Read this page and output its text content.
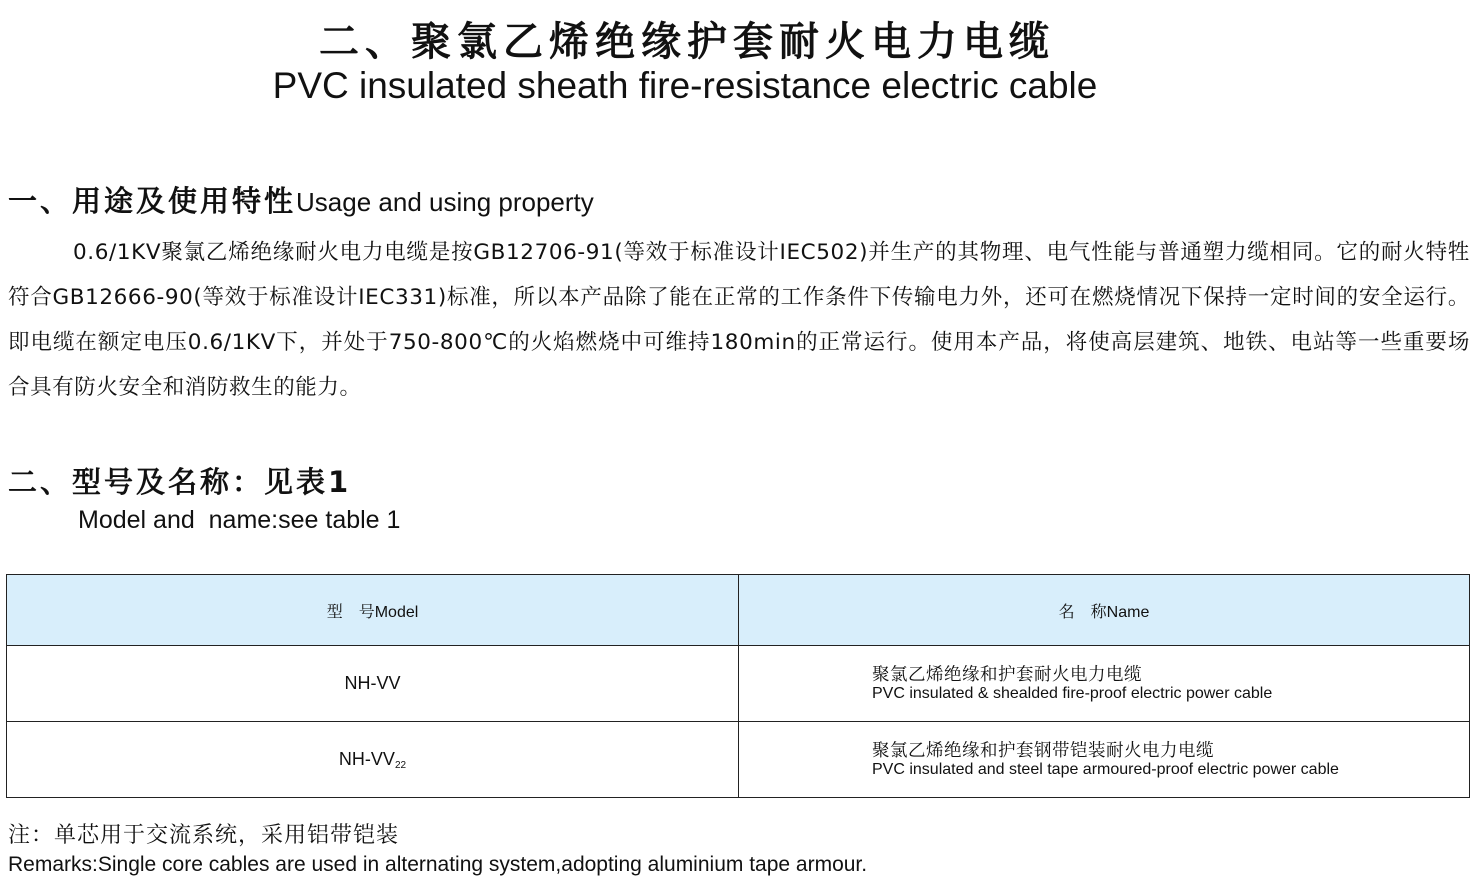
二、聚氯乙烯绝缘护套耐火电力电缆
PVC insulated sheath fire-resistance electric cable
一、用途及使用特性Usage and using property

0.6/1KV聚氯乙烯绝缘耐火电力电缆是按GB12706-91(等效于标准设计IEC502)并生产的其物理、电气性能与普通塑力缆相同。它的耐火特牲符合GB12666-90(等效于标准设计IEC331)标准，所以本产品除了能在正常的工作条件下传输电力外，还可在燃烧情况下保持一定时间的安全运行。即电缆在额定电压0.6/1KV下，并处于750-800℃的火焰燃烧中可维持180min的正常运行。使用本产品，将使高层建筑、地铁、电站等一些重要场合具有防火安全和消防救生的能力。

二、型号及名称：见表1
Model and  name:see table 1
型　号Model	名　称Name
NH-VV	聚氯乙烯绝缘和护套耐火电力电缆
PVC insulated & shealded fire-proof electric power cable

$NH-VV_{22}$	聚氯乙烯绝缘和护套钢带铠装耐火电力电缆
PVC insulated and steel tape armoured-proof electric power cable
注：单芯用于交流系统，采用铝带铠装
Remarks:Single core cables are used in alternating system,adopting aluminium tape armour.
